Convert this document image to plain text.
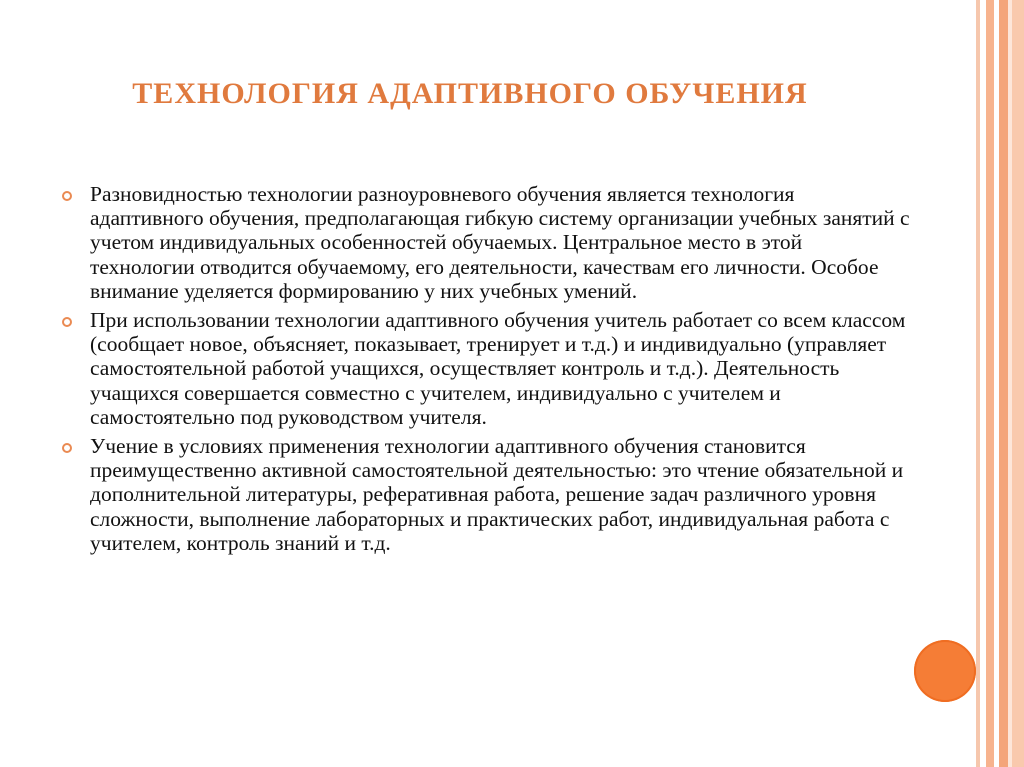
ТЕХНОЛОГИЯ АДАПТИВНОГО ОБУЧЕНИЯ
Разновидностью технологии разноуровневого обучения является технология адаптивного обучения, предполагающая гибкую систему организации учебных занятий с учетом индивидуальных особенностей обучаемых. Центральное место в этой технологии отводится обучаемому, его деятельности, качествам его личности. Особое внимание уделяется формированию у них учебных умений.
При использовании технологии адаптивного обучения учитель работает со всем классом (сообщает новое, объясняет, показывает, тренирует и т.д.) и индивидуально (управляет самостоятельной работой учащихся, осуществляет контроль и т.д.). Деятельность учащихся совершается совместно с учителем, индивидуально с учителем и самостоятельно под руководством учителя.
Учение в условиях применения технологии адаптивного обучения становится преимущественно активной самостоятельной деятельностью: это чтение обязательной и дополнительной литературы, реферативная работа, решение задач различного уровня сложности, выполнение лабораторных и практических работ, индивидуальная работа с учителем, контроль знаний и т.д.
